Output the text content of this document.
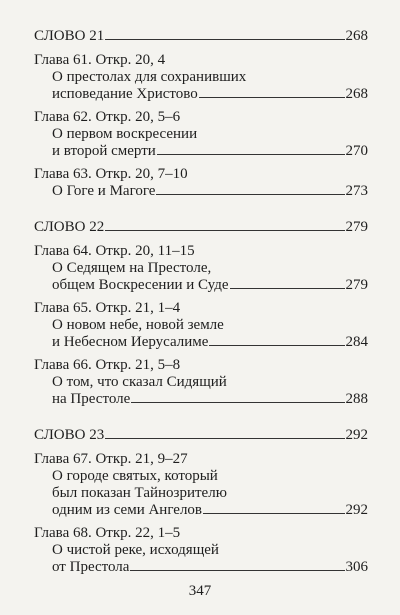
СЛОВО 21	268
Глава 61. Откр. 20, 4
О престолах для сохранивших
исповедание Христово	268
Глава 62. Откр. 20, 5–6
О первом воскресении
и второй смерти	270
Глава 63. Откр. 20, 7–10
О Гоге и Магоге	273
СЛОВО 22	279
Глава 64. Откр. 20, 11–15
О Седящем на Престоле,
общем Воскресении и Суде	279
Глава 65. Откр. 21, 1–4
О новом небе, новой земле
и Небесном Иерусалиме	284
Глава 66. Откр. 21, 5–8
О том, что сказал Сидящий
на Престоле	288
СЛОВО 23	292
Глава 67. Откр. 21, 9–27
О городе святых, который
был показан Тайнозрителю
одним из семи Ангелов	292
Глава 68. Откр. 22, 1–5
О чистой реке, исходящей
от Престола	306
347
